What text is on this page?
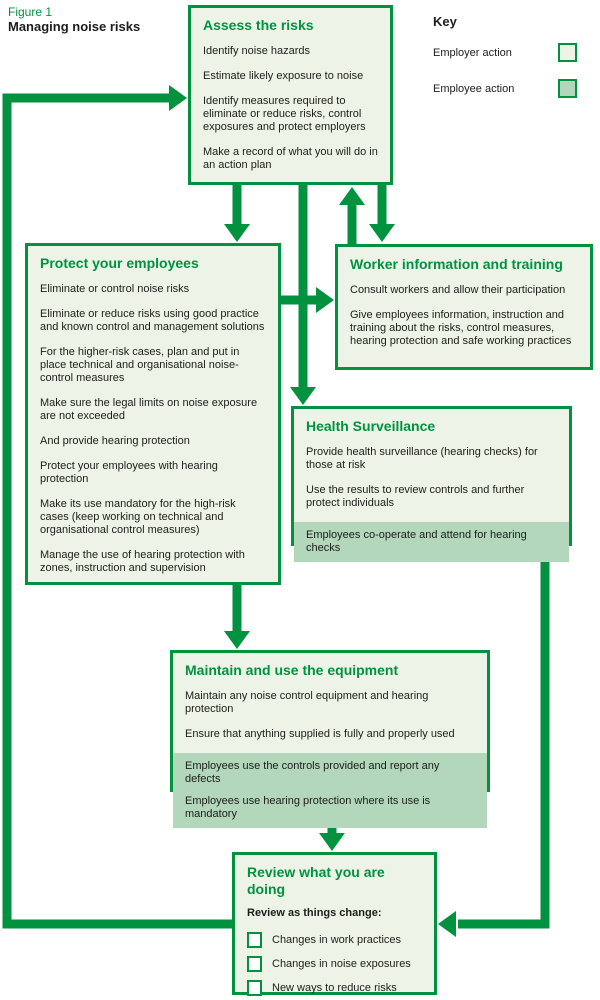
Figure 1
Managing noise risks	Key
Employer action
Employee action
Assess the risks

Identify noise hazards

Estimate likely exposure to noise

Identify measures required to eliminate or reduce risks, control exposures and protect employers

Make a record of what you will do in an action plan

Protect your employees

Eliminate or control noise risks

Eliminate or reduce risks using good practice and known control and management solutions

For the higher-risk cases, plan and put in place technical and organisational noise-control measures

Make sure the legal limits on noise exposure are not exceeded

And provide hearing protection

Protect your employees with hearing protection

Make its use mandatory for the high-risk cases (keep working on technical and organisational control measures)

Manage the use of hearing protection with zones, instruction and supervision

Worker information and training

Consult workers and allow their participation

Give employees information, instruction and training about the risks, control measures, hearing protection and safe working practices

Health Surveillance

Provide health surveillance (hearing checks) for those at risk

Use the results to review controls and further protect individuals

Employees co-operate and attend for hearing checks

Maintain and use the equipment

Maintain any noise control equipment and hearing protection

Ensure that anything supplied is fully and properly used

Employees use the controls provided and report any defects

Employees use hearing protection where its use is mandatory

Review what you are doing

Review as things change:

Changes in work practices
Changes in noise exposures
New ways to reduce risks
